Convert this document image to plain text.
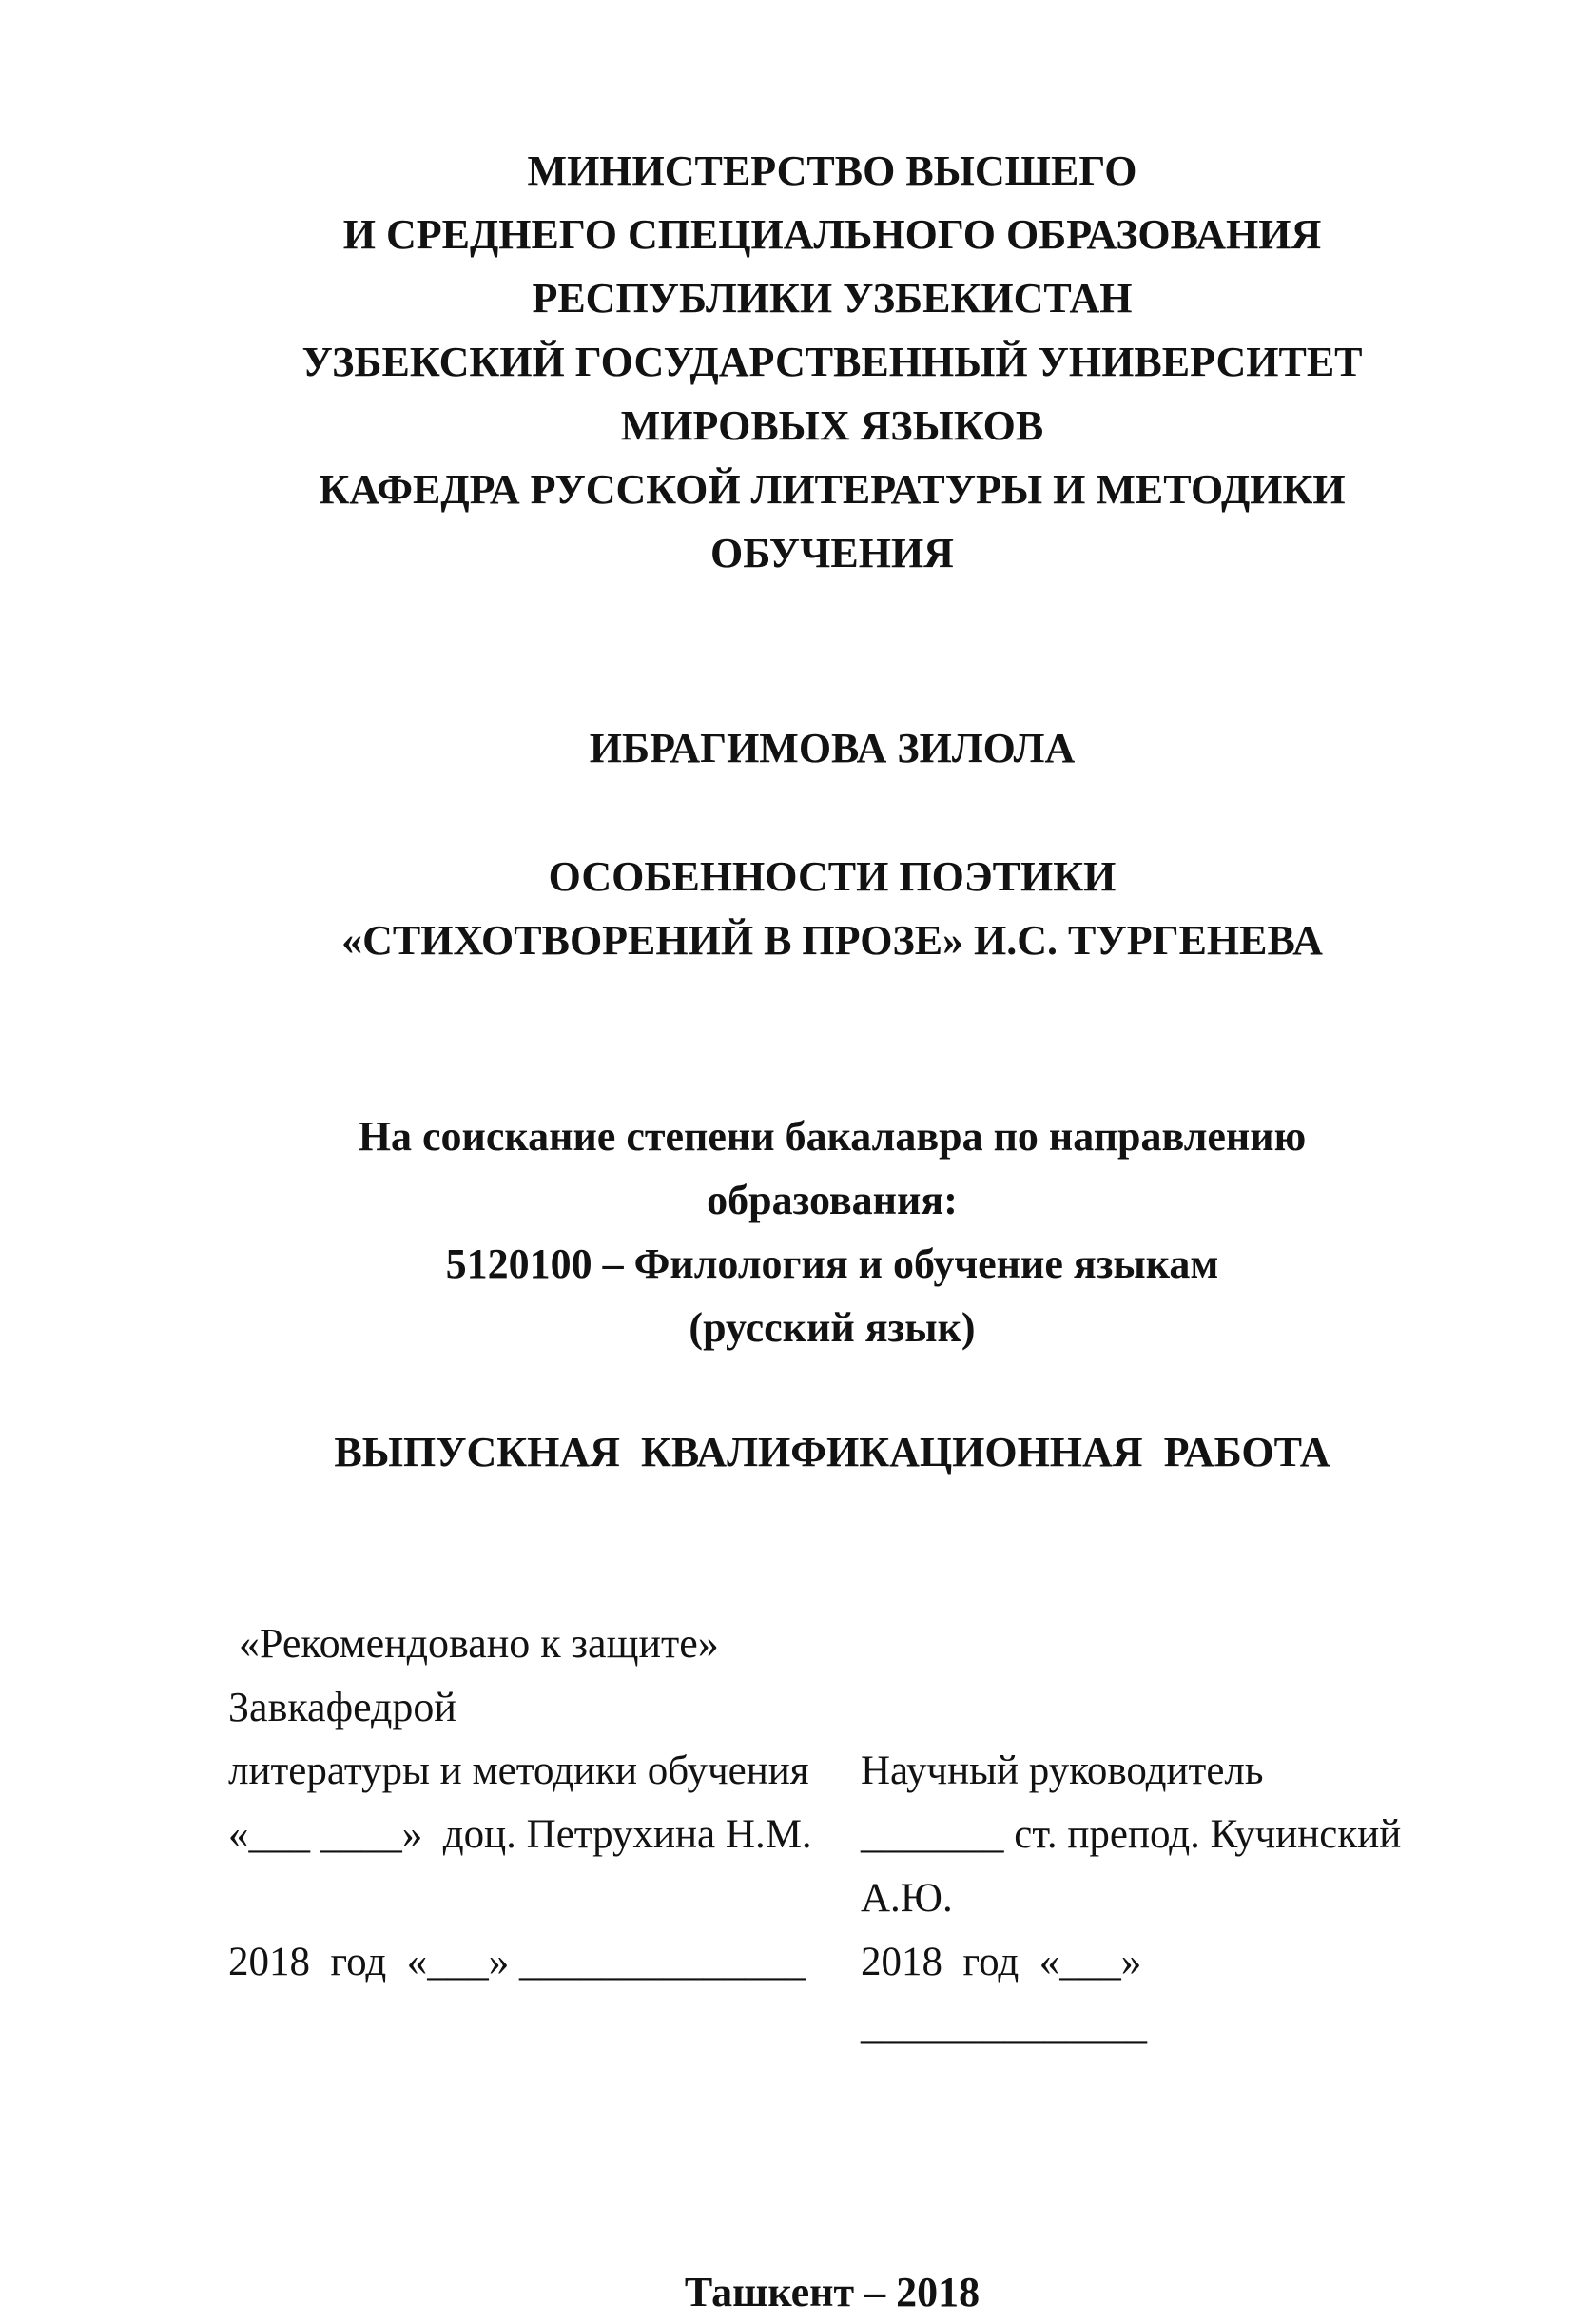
МИНИСТЕРСТВО ВЫСШЕГО

И СРЕДНЕГО СПЕЦИАЛЬНОГО ОБРАЗОВАНИЯ

РЕСПУБЛИКИ УЗБЕКИСТАН

УЗБЕКСКИЙ ГОСУДАРСТВЕННЫЙ УНИВЕРСИТЕТ

МИРОВЫХ ЯЗЫКОВ

КАФЕДРА РУССКОЙ ЛИТЕРАТУРЫ И МЕТОДИКИ ОБУЧЕНИЯ

ИБРАГИМОВА ЗИЛОЛА

ОСОБЕННОСТИ ПОЭТИКИ

«СТИХОТВОРЕНИЙ В ПРОЗЕ» И.С. ТУРГЕНЕВА

На соискание степени бакалавра по направлению образования:

5120100 – Филология и обучение языкам

(русский язык)

ВЫПУСКНАЯ  КВАЛИФИКАЦИОННАЯ  РАБОТА

«Рекомендовано к защите»

Завкафедрой

литературы и методики обучения	Научный руководитель

«___ ____»  доц. Петрухина Н.М.	_______ ст. препод. Кучинский А.Ю.

2018  год  «___» ______________	2018  год  «___» ______________

Ташкент – 2018
